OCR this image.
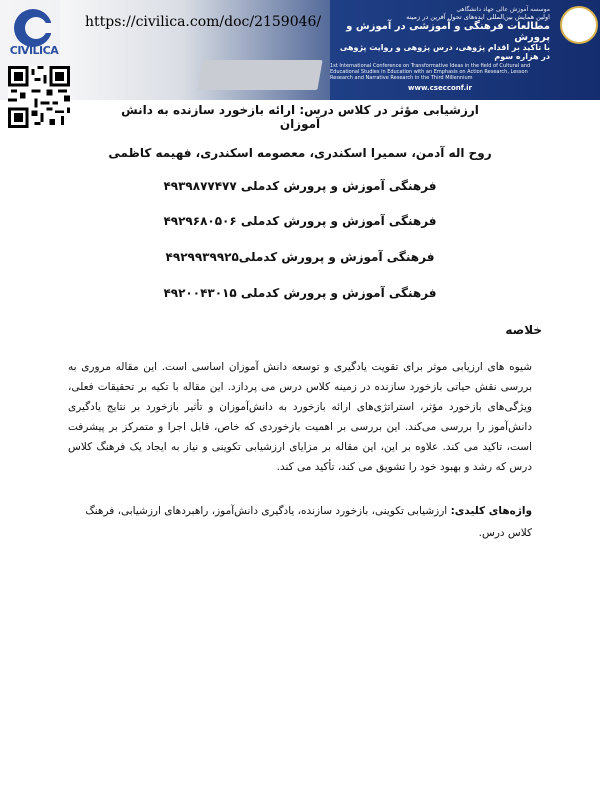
موسسه آموزش عالی جهاد دانشگاهی
اولین همایش بین‌المللی ایده‌های تحول آفرین در زمینه
مطالعات فرهنگی و آموزشی در آموزش و پرورش
با تاکید بر اقدام پژوهی، درس پژوهی و روایت پژوهی در هزاره سوم
1st International Conference on Transformative Ideas in the field of Cultural and Educational Studies in Education with an Emphasis on Action Research, Lesson Research and Narrative Research in the Third Millennium
www.csecconf.ir
CIVILICA
https://civilica.com/doc/2159046/
ارزشیابی مؤثر در کلاس درس: ارائه بازخورد سازنده به دانش آموزان
روح اله آدمن، سمیرا اسکندری، معصومه اسکندری، فهیمه کاظمی
فرهنگی آموزش و پرورش کدملی ۴۹۳۹۸۷۷۴۷۷
فرهنگی آموزش و پرورش کدملی ۴۹۲۹۶۸۰۵۰۶
فرهنگی آموزش و پرورش کدملی۴۹۲۹۹۳۹۹۲۵
فرهنگی آموزش و پرورش کدملی ۴۹۲۰۰۴۳۰۱۵
خلاصه
شیوه های ارزیابی موثر برای تقویت یادگیری و توسعه دانش آموزان اساسی است. این مقاله مروری به بررسی نقش حیاتی بازخورد سازنده در زمینه کلاس درس می پردازد. این مقاله با تکیه بر تحقیقات فعلی، ویژگی‌های بازخورد مؤثر، استراتژی‌های ارائه بازخورد به دانش‌آموزان و تأثیر بازخورد بر نتایج یادگیری دانش‌آموز را بررسی می‌کند. این بررسی بر اهمیت بازخوردی که خاص، قابل اجرا و متمرکز بر پیشرفت است، تاکید می کند. علاوه بر این، این مقاله بر مزایای ارزشیابی تکوینی و نیاز به ایجاد یک فرهنگ کلاس درس که رشد و بهبود خود را تشویق می کند، تأکید می کند.
واژه‌های کلیدی: ارزشیابی تکوینی، بازخورد سازنده، یادگیری دانش‌آموز، راهبردهای ارزشیابی، فرهنگ کلاس درس.
